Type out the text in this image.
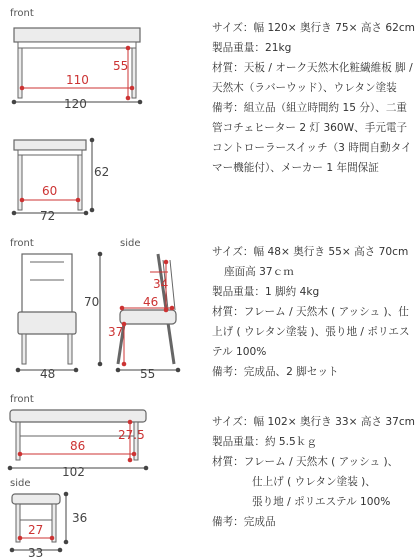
front
110
55
120
60
72
62

サイズ：幅 120× 奥行き 75× 高さ 62cm

製品重量：21kg

材質：天板 / オーク天然木化粧繊維板 脚 / 天然木（ラバーウッド）、ウレタン塗装

備考：組立品（組立時間約 15 分）、二重管コチェヒーター 2 灯 360W、手元電子コントローラースイッチ（3 時間自動タイマー機能付）、メーカー 1 年間保証

front	side
48
70
34
46
37
55

サイズ：幅 48× 奥行き 55× 高さ 70cm

座面高 37ｃｍ

製品重量：1 脚約 4kg

材質：フレーム / 天然木 ( アッシュ )、仕上げ ( ウレタン塗装 )、張り地 / ポリエステル 100%

備考：完成品、2 脚セット

front
side
86
27.5
102
27
33
36

サイズ：幅 102× 奥行き 33× 高さ 37cm

製品重量：約 5.5ｋｇ

材質：フレーム / 天然木 ( アッシュ )、

仕上げ ( ウレタン塗装 )、

張り地 / ポリエステル 100%

備考：完成品
